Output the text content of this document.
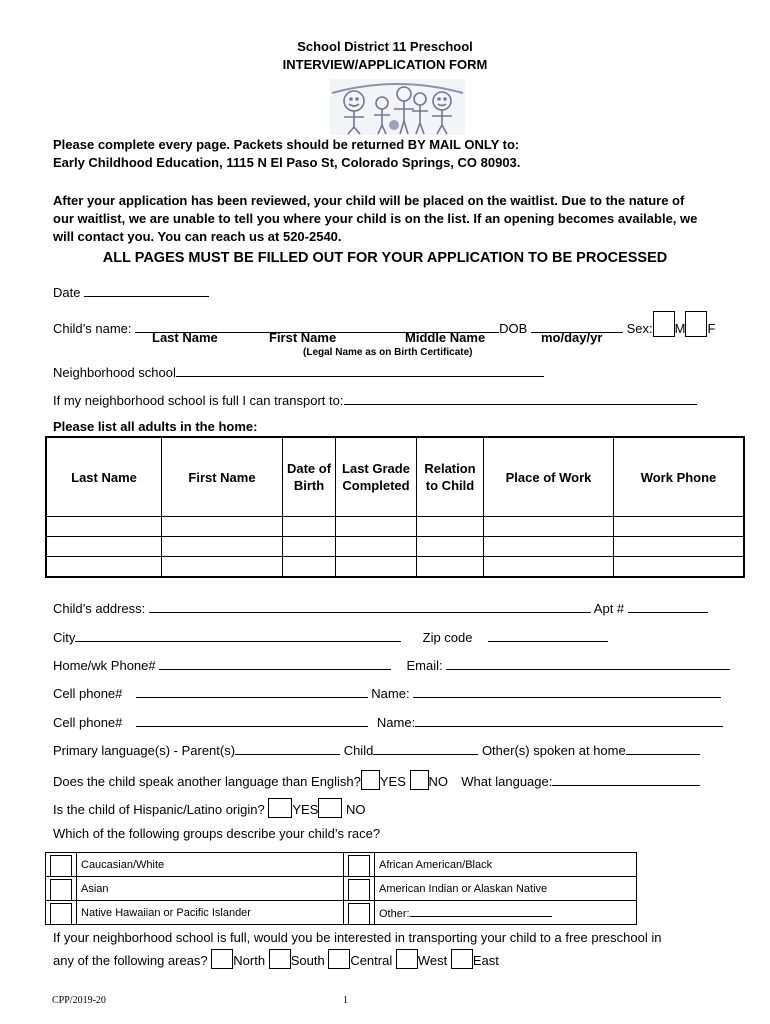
School District 11 Preschool
INTERVIEW/APPLICATION FORM
Please complete every page. Packets should be returned BY MAIL ONLY to:
Early Childhood Education, 1115 N El Paso St, Colorado Springs, CO 80903.
After your application has been reviewed, your child will be placed on the waitlist. Due to the nature of
our waitlist, we are unable to tell you where your child is on the list. If an opening becomes available, we
will contact you. You can reach us at 520-2540.
ALL PAGES MUST BE FILLED OUT FOR YOUR APPLICATION TO BE PROCESSED
Date
Child’s name:	DOB	Sex: M F
Last Name	First Name	Middle Name	mo/day/yr
(Legal Name as on Birth Certificate)
Neighborhood school
If my neighborhood school is full I can transport to:
Please list all adults in the home:
Last Name	First Name	Date of Birth	Last Grade Completed	Relation to Child	Place of Work	Work Phone

Child’s address:	Apt #
City	Zip code
Home/wk Phone#	Email:
Cell phone#	Name:
Cell phone#	Name:
Primary language(s) - Parent(s)	Child	Other(s) spoken at home
Does the child speak another language than English? YES NO What language:
Is the child of Hispanic/Latino origin? YES NO
Which of the following groups describe your child’s race?
	Caucasian/White		African American/Black

	Asian		American Indian or Alaskan Native

	Native Hawaiian or Pacific Islander		Other:
If your neighborhood school is full, would you be interested in transporting your child to a free preschool in
any of the following areas? North South Central West East
CPP/2019-20	1
